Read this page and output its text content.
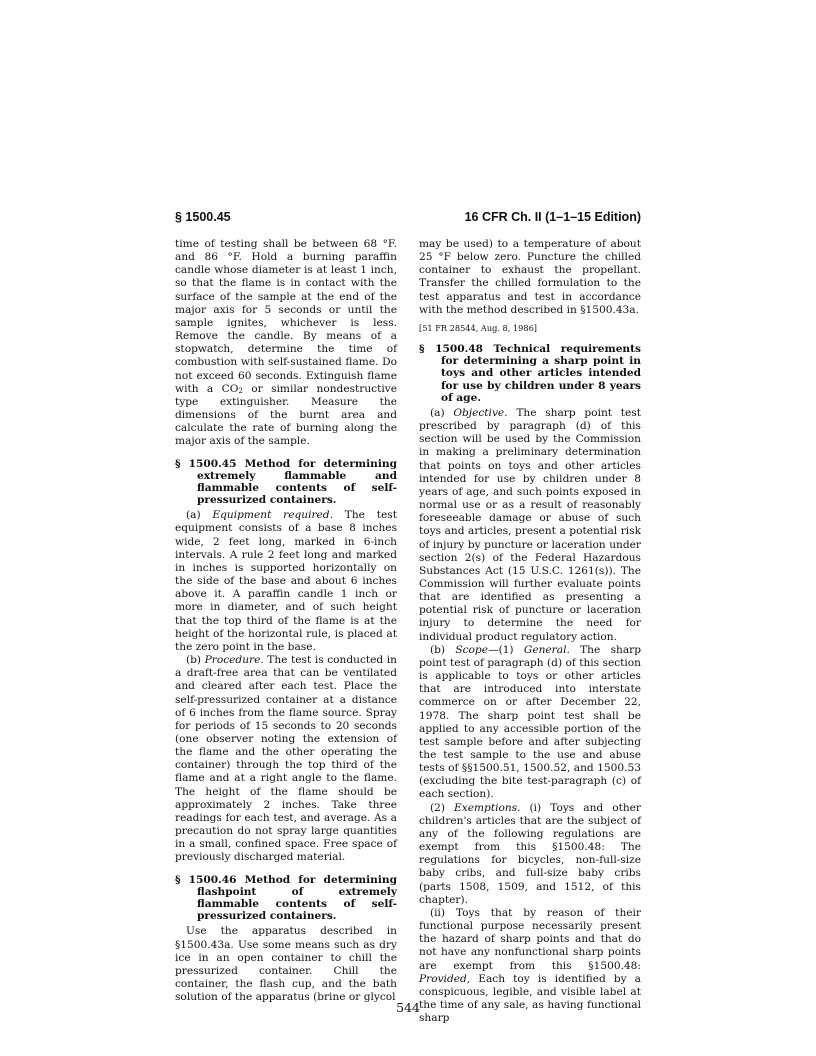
§ 1500.45	16 CFR Ch. II (1–1–15 Edition)

time of testing shall be between 68 °F. and 86 °F. Hold a burning paraffin candle whose diameter is at least 1 inch, so that the flame is in contact with the surface of the sample at the end of the major axis for 5 seconds or until the sample ignites, whichever is less. Remove the candle. By means of a stopwatch, determine the time of combustion with self-sustained flame. Do not exceed 60 seconds. Extinguish flame with a $CO_2$ or similar nondestructive type extinguisher. Measure the dimensions of the burnt area and calculate the rate of burning along the major axis of the sample.

§ 1500.45 Method for determining extremely flammable and flammable contents of self-pressurized containers.

(a) Equipment required. The test equipment consists of a base 8 inches wide, 2 feet long, marked in 6-inch intervals. A rule 2 feet long and marked in inches is supported horizontally on the side of the base and about 6 inches above it. A paraffin candle 1 inch or more in diameter, and of such height that the top third of the flame is at the height of the horizontal rule, is placed at the zero point in the base.

(b) Procedure. The test is conducted in a draft-free area that can be ventilated and cleared after each test. Place the self-pressurized container at a distance of 6 inches from the flame source. Spray for periods of 15 seconds to 20 seconds (one observer noting the extension of the flame and the other operating the container) through the top third of the flame and at a right angle to the flame. The height of the flame should be approximately 2 inches. Take three readings for each test, and average. As a precaution do not spray large quantities in a small, confined space. Free space of previously discharged material.

§ 1500.46 Method for determining flashpoint of extremely flammable contents of self-pressurized containers.

Use the apparatus described in §1500.43a. Use some means such as dry ice in an open container to chill the pressurized container. Chill the container, the flash cup, and the bath solution of the apparatus (brine or glycol

may be used) to a temperature of about 25 °F below zero. Puncture the chilled container to exhaust the propellant. Transfer the chilled formulation to the test apparatus and test in accordance with the method described in §1500.43a.

[51 FR 28544, Aug. 8, 1986]

§ 1500.48 Technical requirements for determining a sharp point in toys and other articles intended for use by children under 8 years of age.

(a) Objective. The sharp point test prescribed by paragraph (d) of this section will be used by the Commission in making a preliminary determination that points on toys and other articles intended for use by children under 8 years of age, and such points exposed in normal use or as a result of reasonably foreseeable damage or abuse of such toys and articles, present a potential risk of injury by puncture or laceration under section 2(s) of the Federal Hazardous Substances Act (15 U.S.C. 1261(s)). The Commission will further evaluate points that are identified as presenting a potential risk of puncture or laceration injury to determine the need for individual product regulatory action.

(b) Scope—(1) General. The sharp point test of paragraph (d) of this section is applicable to toys or other articles that are introduced into interstate commerce on or after December 22, 1978. The sharp point test shall be applied to any accessible portion of the test sample before and after subjecting the test sample to the use and abuse tests of §§1500.51, 1500.52, and 1500.53 (excluding the bite test-paragraph (c) of each section).

(2) Exemptions. (i) Toys and other children's articles that are the subject of any of the following regulations are exempt from this §1500.48: The regulations for bicycles, non-full-size baby cribs, and full-size baby cribs (parts 1508, 1509, and 1512, of this chapter).

(ii) Toys that by reason of their functional purpose necessarily present the hazard of sharp points and that do not have any nonfunctional sharp points are exempt from this §1500.48: Provided, Each toy is identified by a conspicuous, legible, and visible label at the time of any sale, as having functional sharp

544
